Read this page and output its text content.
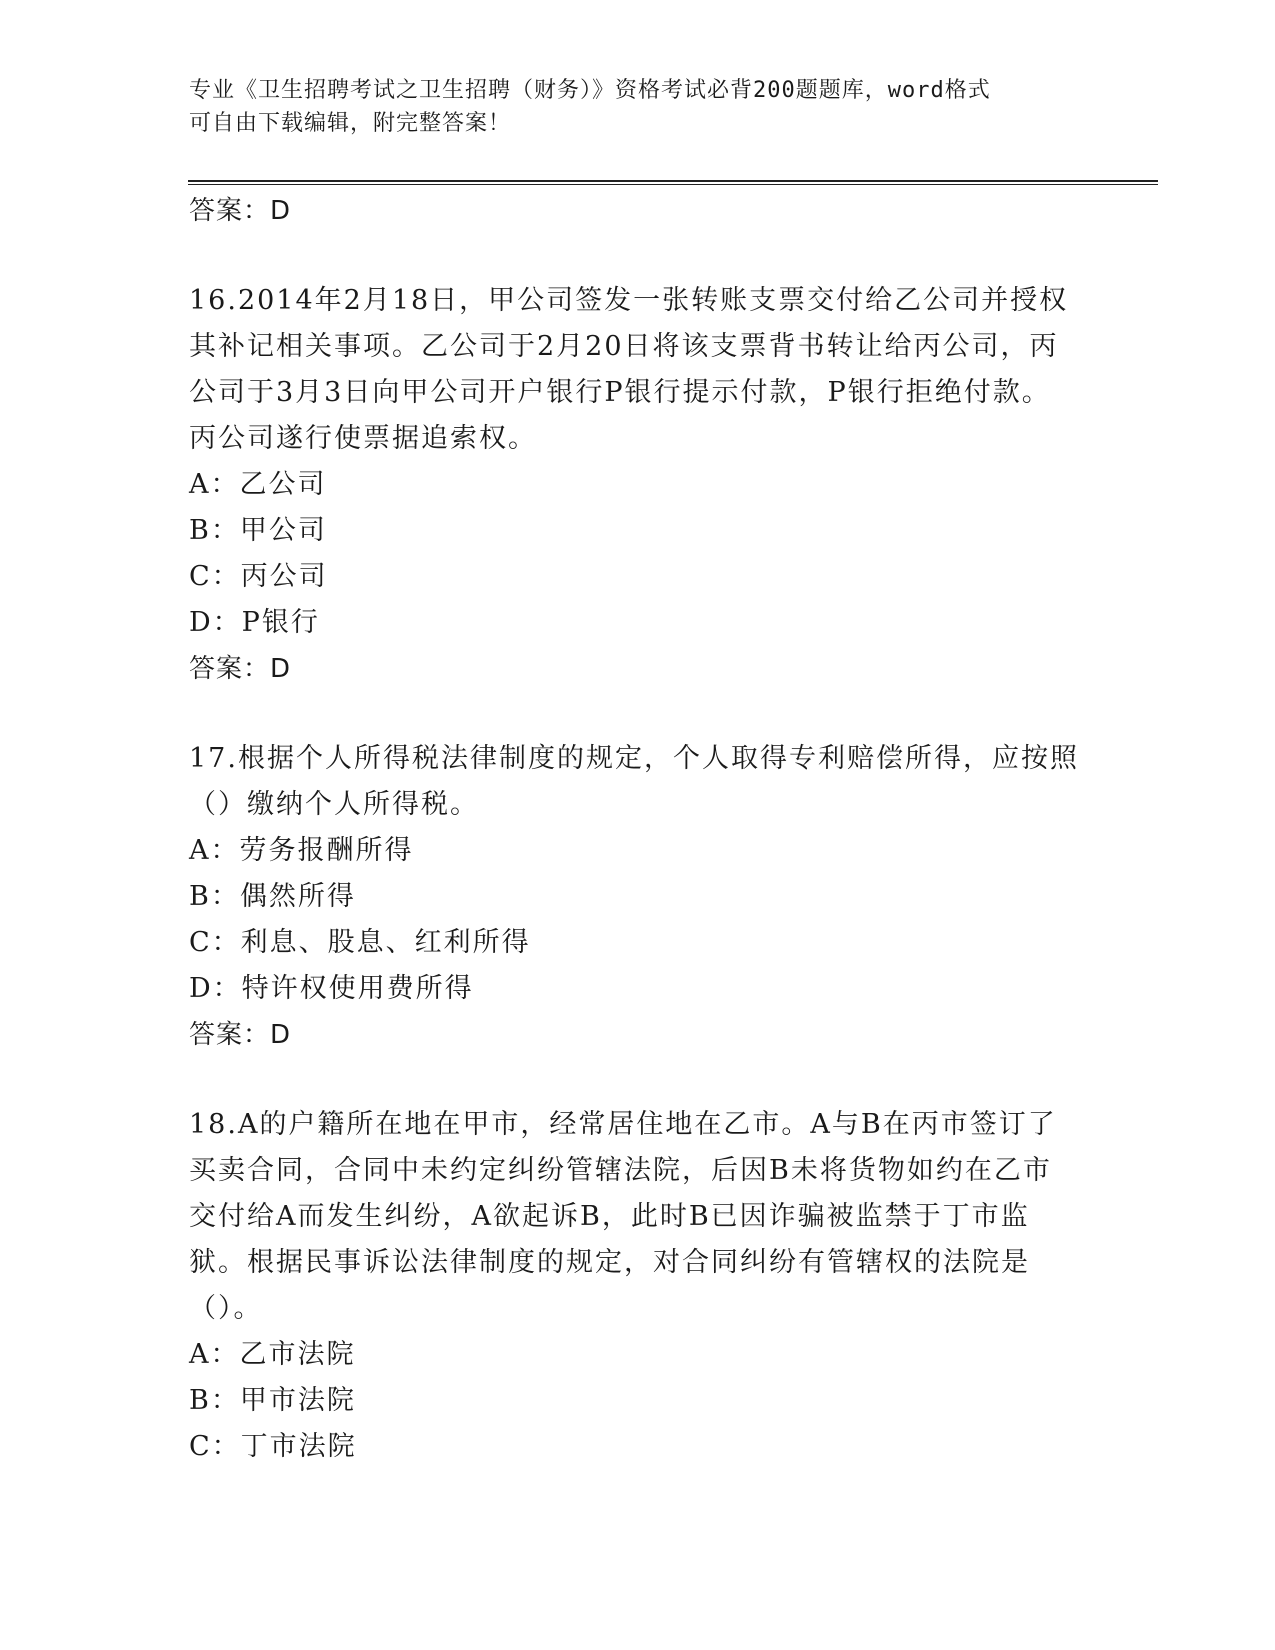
专业《卫生招聘考试之卫生招聘（财务）》资格考试必背200题题库，word格式
可自由下载编辑，附完整答案！
答案：D
16.2014年2月18日，甲公司签发一张转账支票交付给乙公司并授权其补记相关事项。乙公司于2月20日将该支票背书转让给丙公司，丙公司于3月3日向甲公司开户银行P银行提示付款，P银行拒绝付款。丙公司遂行使票据追索权。
A：乙公司
B：甲公司
C：丙公司
D：P银行
答案：D
17.根据个人所得税法律制度的规定，个人取得专利赔偿所得，应按照（）缴纳个人所得税。
A：劳务报酬所得
B：偶然所得
C：利息、股息、红利所得
D：特许权使用费所得
答案：D
18.A的户籍所在地在甲市，经常居住地在乙市。A与B在丙市签订了买卖合同，合同中未约定纠纷管辖法院，后因B未将货物如约在乙市交付给A而发生纠纷，A欲起诉B，此时B已因诈骗被监禁于丁市监狱。根据民事诉讼法律制度的规定，对合同纠纷有管辖权的法院是（）。
A：乙市法院
B：甲市法院
C：丁市法院
